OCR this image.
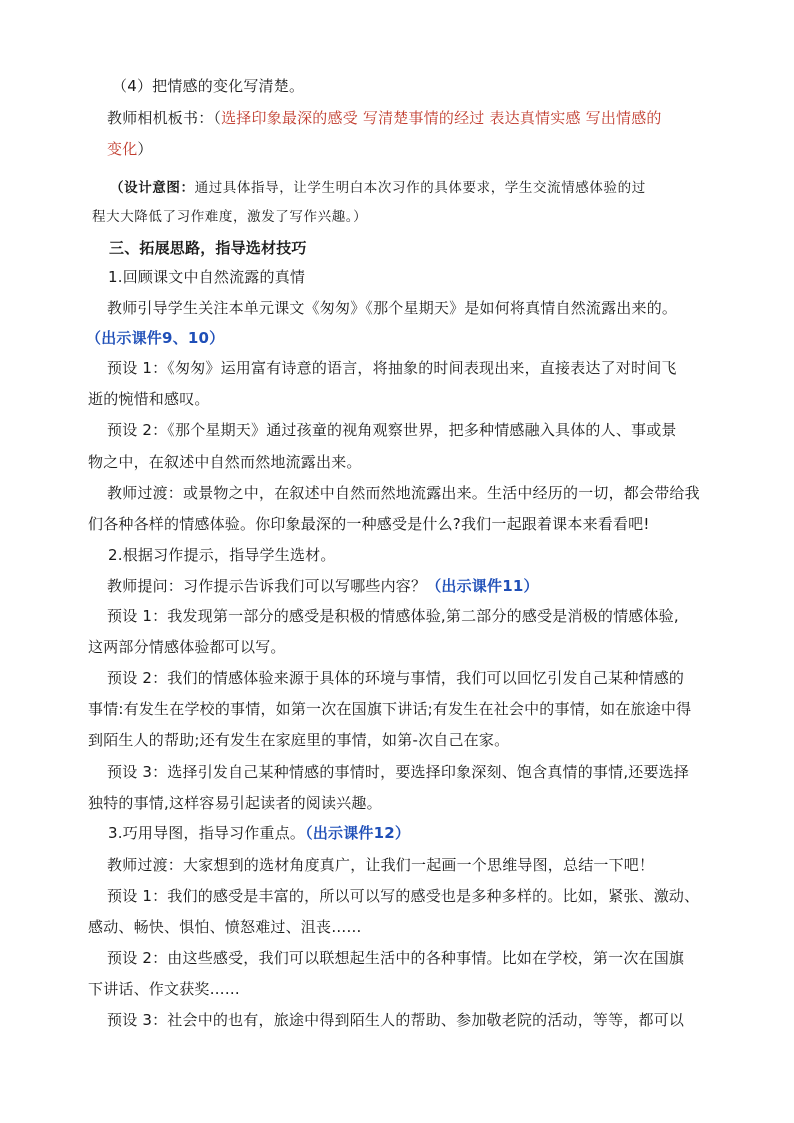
（4）把情感的变化写清楚。
教师相机板书：（选择印象最深的感受 写清楚事情的经过 表达真情实感 写出情感的
变化）
（设计意图：通过具体指导，让学生明白本次习作的具体要求，学生交流情感体验的过
程大大降低了习作难度，激发了写作兴趣。）
三、拓展思路，指导选材技巧
1.回顾课文中自然流露的真情
教师引导学生关注本单元课文《匆匆》《那个星期天》是如何将真情自然流露出来的。
（出示课件9、10）
预设 1：《匆匆》运用富有诗意的语言，将抽象的时间表现出来，直接表达了对时间飞
逝的惋惜和感叹。
预设 2：《那个星期天》通过孩童的视角观察世界，把多种情感融入具体的人、事或景
物之中，在叙述中自然而然地流露出来。
教师过渡：或景物之中，在叙述中自然而然地流露出来。生活中经历的一切，都会带给我
们各种各样的情感体验。你印象最深的一种感受是什么?我们一起跟着课本来看看吧!
2.根据习作提示，指导学生选材。
教师提问：习作提示告诉我们可以写哪些内容？（出示课件11）
预设 1：我发现第一部分的感受是积极的情感体验,第二部分的感受是消极的情感体验,
这两部分情感体验都可以写。
预设 2：我们的情感体验来源于具体的环境与事情，我们可以回忆引发自己某种情感的
事情:有发生在学校的事情，如第一次在国旗下讲话;有发生在社会中的事情，如在旅途中得
到陌生人的帮助;还有发生在家庭里的事情，如第-次自己在家。
预设 3：选择引发自己某种情感的事情时，要选择印象深刻、饱含真情的事情,还要选择
独特的事情,这样容易引起读者的阅读兴趣。
3.巧用导图，指导习作重点。（出示课件12）
教师过渡：大家想到的选材角度真广，让我们一起画一个思维导图，总结一下吧！
预设 1：我们的感受是丰富的，所以可以写的感受也是多种多样的。比如，紧张、激动、
感动、畅快、惧怕、愤怒难过、沮丧……
预设 2：由这些感受，我们可以联想起生活中的各种事情。比如在学校，第一次在国旗
下讲话、作文获奖……
预设 3：社会中的也有，旅途中得到陌生人的帮助、参加敬老院的活动，等等，都可以
